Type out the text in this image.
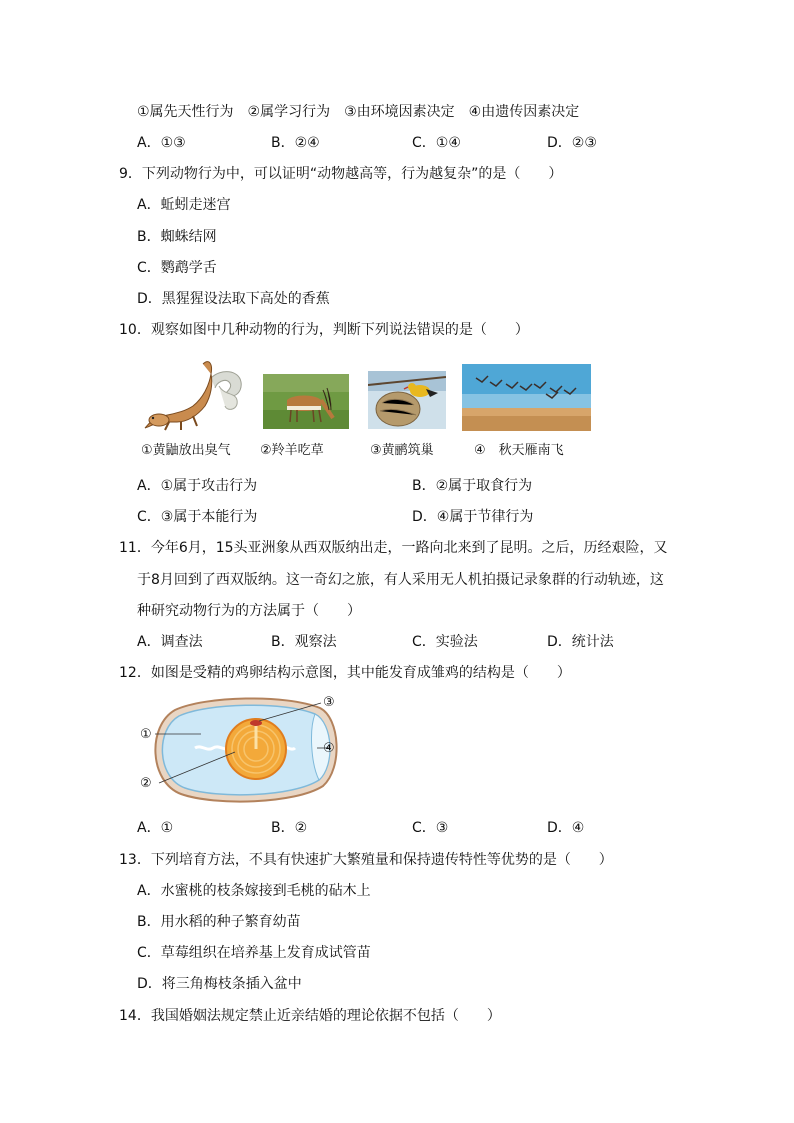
①属先天性行为　②属学习行为　③由环境因素决定　④由遗传因素决定
A．①③	B．②④	C．①④	D．②③
9．下列动物行为中，可以证明“动物越高等，行为越复杂”的是（　　）
A．蚯蚓走迷宫
B．蜘蛛结网
C．鹦鹉学舌
D．黑猩猩设法取下高处的香蕉
10．观察如图中几种动物的行为，判断下列说法错误的是（　　）
①黄鼬放出臭气 ②羚羊吃草	③黄鹂筑巢	④　秋天雁南飞
A．①属于攻击行为	B．②属于取食行为
C．③属于本能行为	D．④属于节律行为
11．今年6月，15头亚洲象从西双版纳出走，一路向北来到了昆明。之后，历经艰险，又
于8月回到了西双版纳。这一奇幻之旅，有人采用无人机拍摄记录象群的行动轨迹，这
种研究动物行为的方法属于（　　）
A．调查法	B．观察法	C．实验法	D．统计法
12．如图是受精的鸡卵结构示意图，其中能发育成雏鸡的结构是（　　）
①
②
③
④
A．①	B．②	C．③	D．④
13．下列培育方法，不具有快速扩大繁殖量和保持遗传特性等优势的是（　　）
A．水蜜桃的枝条嫁接到毛桃的砧木上
B．用水稻的种子繁育幼苗
C．草莓组织在培养基上发育成试管苗
D．将三角梅枝条插入盆中
14．我国婚姻法规定禁止近亲结婚的理论依据不包括（　　）
